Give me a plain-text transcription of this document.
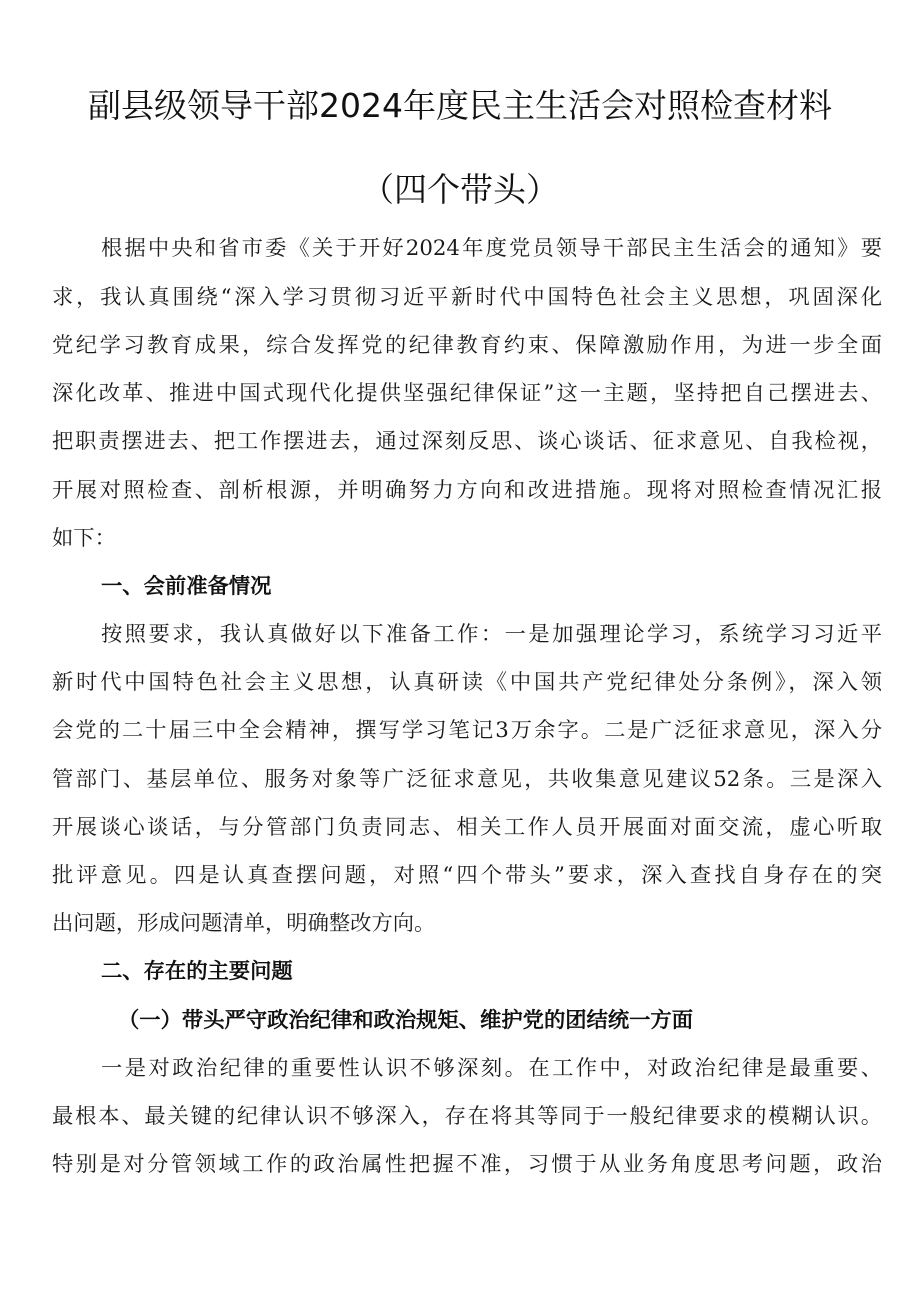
副县级领导干部2024年度民主生活会对照检查材料
（四个带头）
根据中央和省市委《关于开好2024年度党员领导干部民主生活会的通知》要
求，我认真围绕“深入学习贯彻习近平新时代中国特色社会主义思想，巩固深化
党纪学习教育成果，综合发挥党的纪律教育约束、保障激励作用，为进一步全面
深化改革、推进中国式现代化提供坚强纪律保证”这一主题，坚持把自己摆进去、
把职责摆进去、把工作摆进去，通过深刻反思、谈心谈话、征求意见、自我检视，
开展对照检查、剖析根源，并明确努力方向和改进措施。现将对照检查情况汇报
如下：
一、会前准备情况
按照要求，我认真做好以下准备工作：一是加强理论学习，系统学习习近平
新时代中国特色社会主义思想，认真研读《中国共产党纪律处分条例》，深入领
会党的二十届三中全会精神，撰写学习笔记3万余字。二是广泛征求意见，深入分
管部门、基层单位、服务对象等广泛征求意见，共收集意见建议52条。三是深入
开展谈心谈话，与分管部门负责同志、相关工作人员开展面对面交流，虚心听取
批评意见。四是认真查摆问题，对照“四个带头”要求，深入查找自身存在的突
出问题，形成问题清单，明确整改方向。
二、存在的主要问题
（一）带头严守政治纪律和政治规矩、维护党的团结统一方面
一是对政治纪律的重要性认识不够深刻。在工作中，对政治纪律是最重要、
最根本、最关键的纪律认识不够深入，存在将其等同于一般纪律要求的模糊认识。
特别是对分管领域工作的政治属性把握不准，习惯于从业务角度思考问题，政治
